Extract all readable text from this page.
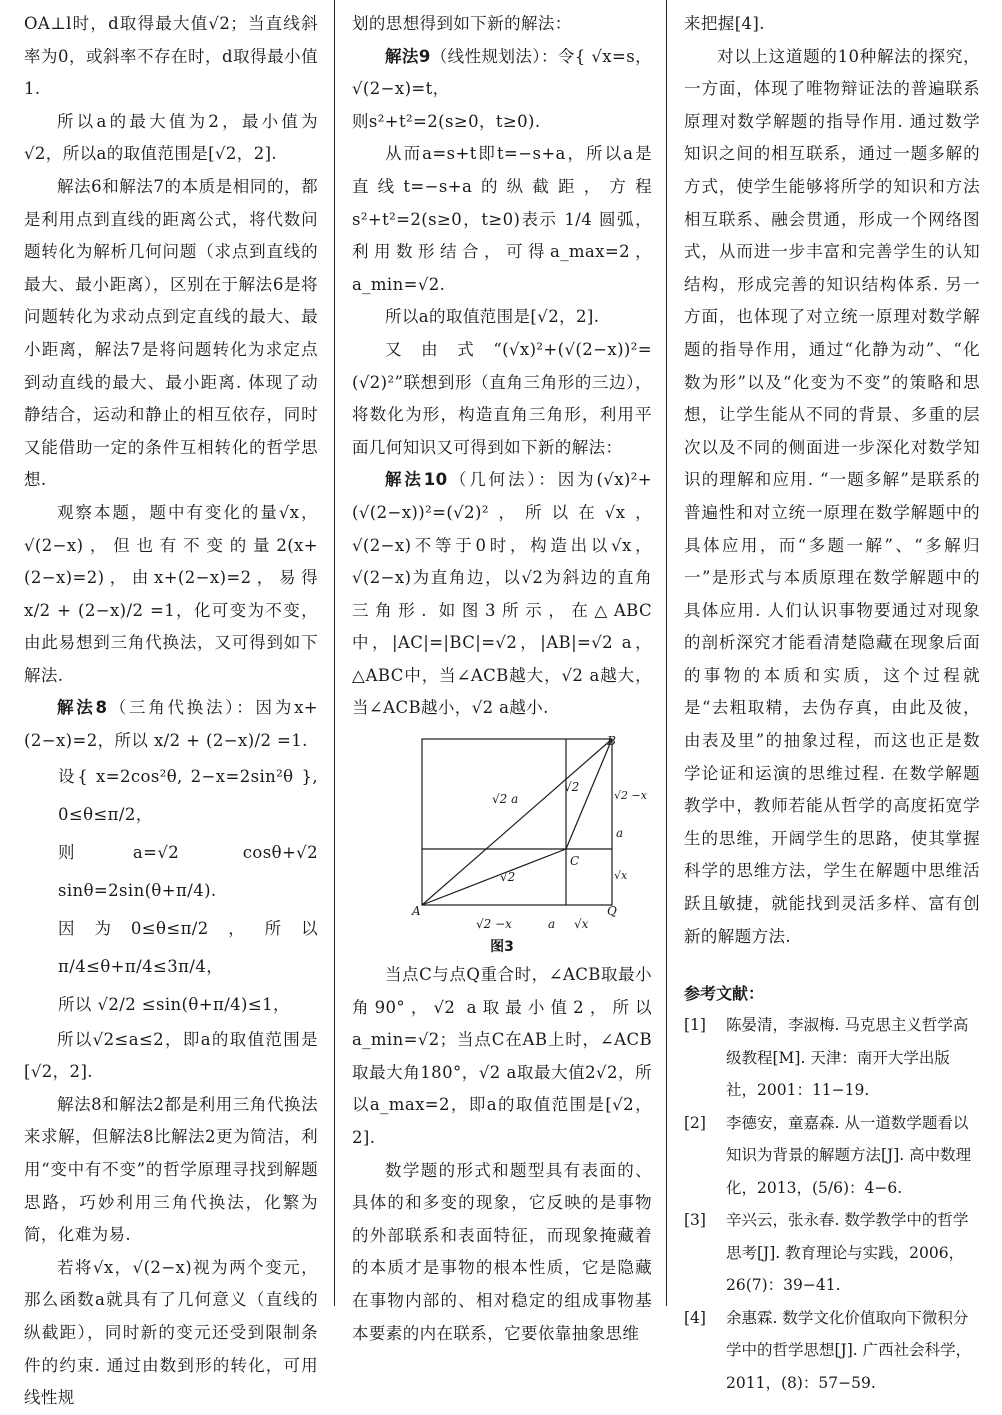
OA⊥l时，d取得最大值√2；当直线斜率为0，或斜率不存在时，d取得最小值1.

所以a的最大值为2，最小值为√2，所以a的取值范围是[√2，2].

解法6和解法7的本质是相同的，都是利用点到直线的距离公式，将代数问题转化为解析几何问题（求点到直线的最大、最小距离），区别在于解法6是将问题转化为求动点到定直线的最大、最小距离，解法7是将问题转化为求定点到动直线的最大、最小距离. 体现了动静结合，运动和静止的相互依存，同时又能借助一定的条件互相转化的哲学思想.

观察本题，题中有变化的量√x，√(2−x)，但也有不变的量2(x+(2−x)=2)，由x+(2−x)=2，易得 x/2 + (2−x)/2 =1，化可变为不变，由此易想到三角代换法，又可得到如下解法.

解法8（三角代换法）：因为x+(2−x)=2，所以 x/2 + (2−x)/2 =1.

设{ x=2cos²θ, 2−x=2sin²θ }, 0≤θ≤π/2，

则a=√2 cosθ+√2 sinθ=2sin(θ+π/4).

因为0≤θ≤π/2，所以π/4≤θ+π/4≤3π/4，

所以 √2/2 ≤sin(θ+π/4)≤1，

所以√2≤a≤2，即a的取值范围是[√2，2].

解法8和解法2都是利用三角代换法来求解，但解法8比解法2更为简洁，利用“变中有不变”的哲学原理寻找到解题思路，巧妙利用三角代换法，化繁为简，化难为易.

若将√x，√(2−x)视为两个变元，那么函数a就具有了几何意义（直线的纵截距），同时新的变元还受到限制条件的约束. 通过由数到形的转化，可用线性规

划的思想得到如下新的解法：

解法9（线性规划法）：令{ √x=s，√(2−x)=t，

则s²+t²=2(s≥0，t≥0).

从而a=s+t即t=−s+a，所以a是直线t=−s+a的纵截距，方程s²+t²=2(s≥0，t≥0)表示 1/4 圆弧，利用数形结合，可得a_max=2，a_min=√2.

所以a的取值范围是[√2，2].

又由式“(√x)²+(√(2−x))²=(√2)²”联想到形（直角三角形的三边），将数化为形，构造直角三角形，利用平面几何知识又可得到如下新的解法：

解法10（几何法）：因为(√x)²+(√(2−x))²=(√2)²，所以在√x，√(2−x)不等于0时，构造出以√x，√(2−x)为直角边，以√2为斜边的直角三角形. 如图3所示，在△ABC中，|AC|=|BC|=√2，|AB|=√2 a，△ABC中，当∠ACB越大，√2 a越大，当∠ACB越小，√2 a越小.

A
B
C
Q
√2 a
√2
√2
√2 −x
a
√x
√2 −x	a √x
图3

当点C与点Q重合时，∠ACB取最小角90°，√2 a取最小值2，所以a_min=√2；当点C在AB上时，∠ACB取最大角180°，√2 a取最大值2√2，所以a_max=2，即a的取值范围是[√2，2].

数学题的形式和题型具有表面的、具体的和多变的现象，它反映的是事物的外部联系和表面特征，而现象掩藏着的本质才是事物的根本性质，它是隐藏在事物内部的、相对稳定的组成事物基本要素的内在联系，它要依靠抽象思维

来把握[4].

对以上这道题的10种解法的探究，一方面，体现了唯物辩证法的普遍联系原理对数学解题的指导作用. 通过数学知识之间的相互联系，通过一题多解的方式，使学生能够将所学的知识和方法相互联系、融会贯通，形成一个网络图式，从而进一步丰富和完善学生的认知结构，形成完善的知识结构体系. 另一方面，也体现了对立统一原理对数学解题的指导作用，通过“化静为动”、“化数为形”以及“化变为不变”的策略和思想，让学生能从不同的背景、多重的层次以及不同的侧面进一步深化对数学知识的理解和应用. “一题多解”是联系的普遍性和对立统一原理在数学解题中的具体应用，而“多题一解”、“多解归一”是形式与本质原理在数学解题中的具体应用. 人们认识事物要通过对现象的剖析深究才能看清楚隐藏在现象后面的事物的本质和实质，这个过程就是“去粗取精，去伪存真，由此及彼，由表及里”的抽象过程，而这也正是数学论证和运演的思维过程. 在数学解题教学中，教师若能从哲学的高度拓宽学生的思维，开阔学生的思路，使其掌握科学的思维方法，学生在解题中思维活跃且敏捷，就能找到灵活多样、富有创新的解题方法.

参考文献：
[1]	陈晏清，李淑梅. 马克思主义哲学高级教程[M]. 天津：南开大学出版社，2001：11−19.
[2]	李德安，童嘉森. 从一道数学题看以知识为背景的解题方法[J]. 高中数理化，2013，(5/6)：4−6.
[3]	辛兴云，张永春. 数学教学中的哲学思考[J]. 教育理论与实践，2006，26(7)：39−41.
[4]	余惠霖. 数学文化价值取向下微积分学中的哲学思想[J]. 广西社会科学，2011，(8)：57−59.
